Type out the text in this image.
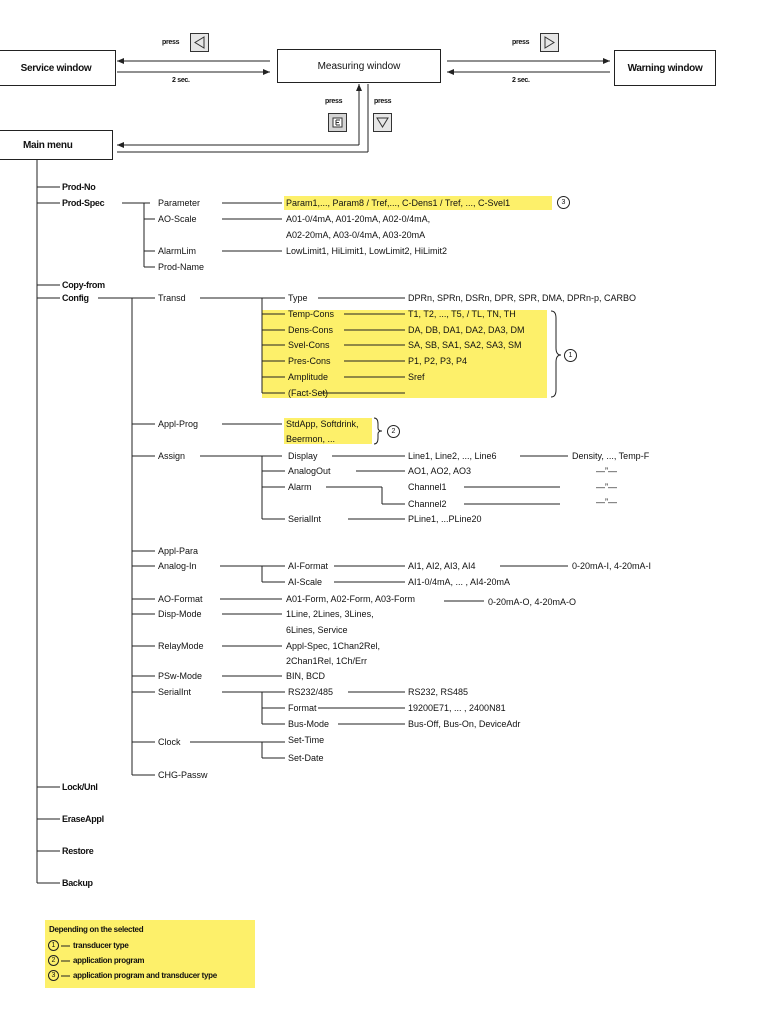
Service window	Measuring window	Warning window
Main menu
press	press
press	press
2 sec.	2 sec.
Prod-No
Prod-Spec
Copy-from
Config
Lock/Unl
EraseAppl
Restore
Backup
Parameter	Param1,..., Param8 / Tref,..., C-Dens1 / Tref, ..., C-Svel1	3
AO-Scale	A01-0/4mA, A01-20mA, A02-0/4mA,
A02-20mA, A03-0/4mA, A03-20mA
AlarmLim	LowLimit1, HiLimit1, LowLimit2, HiLimit2
Prod-Name
Transd	Type	DPRn, SPRn, DSRn, DPR, SPR, DMA, DPRn-p, CARBO
Temp-Cons	T1, T2, ..., T5, / TL, TN, TH
Dens-Cons	DA, DB, DA1, DA2, DA3, DM
Svel-Cons	SA, SB, SA1, SA2, SA3, SM
Pres-Cons	P1, P2, P3, P4
Amplitude	Sref
(Fact-Set)
1
Appl-Prog	StdApp, Softdrink,
Beermon, ...
2
Assign	Display	Line1, Line2, ..., Line6	Density, ..., Temp-F
AnalogOut	AO1, AO2, AO3	—”—
Alarm	Channel1	—”—
Channel2	—”—
SerialInt	PLine1, ...PLine20
Appl-Para
Analog-In	AI-Format	AI1, AI2, AI3, AI4	0-20mA-I, 4-20mA-I
AI-Scale	AI1-0/4mA, ... , AI4-20mA
AO-Format	A01-Form, A02-Form, A03-Form	0-20mA-O, 4-20mA-O
Disp-Mode	1Line, 2Lines, 3Lines,
6Lines, Service
RelayMode	Appl-Spec, 1Chan2Rel,
2Chan1Rel, 1Ch/Err
PSw-Mode	BIN, BCD
SerialInt	RS232/485	RS232, RS485
Format	19200E71, ... , 2400N81
Bus-Mode	Bus-Off, Bus-On, DeviceAdr
Clock	Set-Time
Set-Date
CHG-Passw
Depending on the selected
1	transducer type
2	application program
3	application program and transducer type
